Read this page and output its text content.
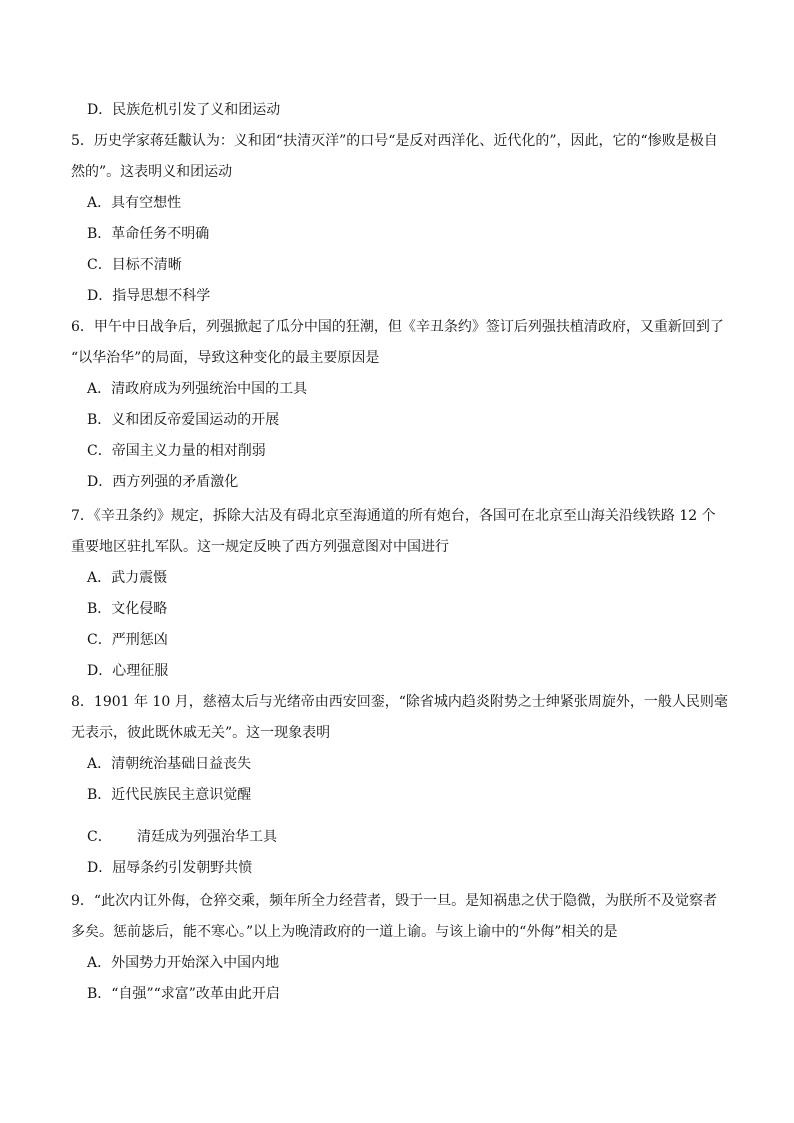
D．民族危机引发了义和团运动
5．历史学家蒋廷黻认为：义和团“扶清灭洋”的口号“是反对西洋化、近代化的”，因此，它的“惨败是极自
然的”。这表明义和团运动
A．具有空想性
B．革命任务不明确
C．目标不清晰
D．指导思想不科学
6．甲午中日战争后，列强掀起了瓜分中国的狂潮，但《辛丑条约》签订后列强扶植清政府，又重新回到了
“以华治华”的局面，导致这种变化的最主要原因是
A．清政府成为列强统治中国的工具
B．义和团反帝爱国运动的开展
C．帝国主义力量的相对削弱
D．西方列强的矛盾激化
7．《辛丑条约》规定，拆除大沽及有碍北京至海通道的所有炮台，各国可在北京至山海关沿线铁路 12 个
重要地区驻扎军队。这一规定反映了西方列强意图对中国进行
A．武力震慑
B．文化侵略
C．严刑惩凶
D．心理征服
8．1901 年 10 月，慈禧太后与光绪帝由西安回銮，“除省城内趋炎附势之士绅紧张周旋外，一般人民则毫
无表示，彼此既休戚无关”。这一现象表明
A．清朝统治基础日益丧失
B．近代民族民主意识觉醒
C． 清廷成为列强治华工具
D．屈辱条约引发朝野共愤
9．“此次内讧外侮，仓猝交乘，频年所全力经营者，毁于一旦。是知祸患之伏于隐微，为朕所不及觉察者
多矣。惩前毖后，能不寒心。”以上为晚清政府的一道上谕。与该上谕中的“外侮”相关的是
A．外国势力开始深入中国内地
B．“自强”“求富”改革由此开启
